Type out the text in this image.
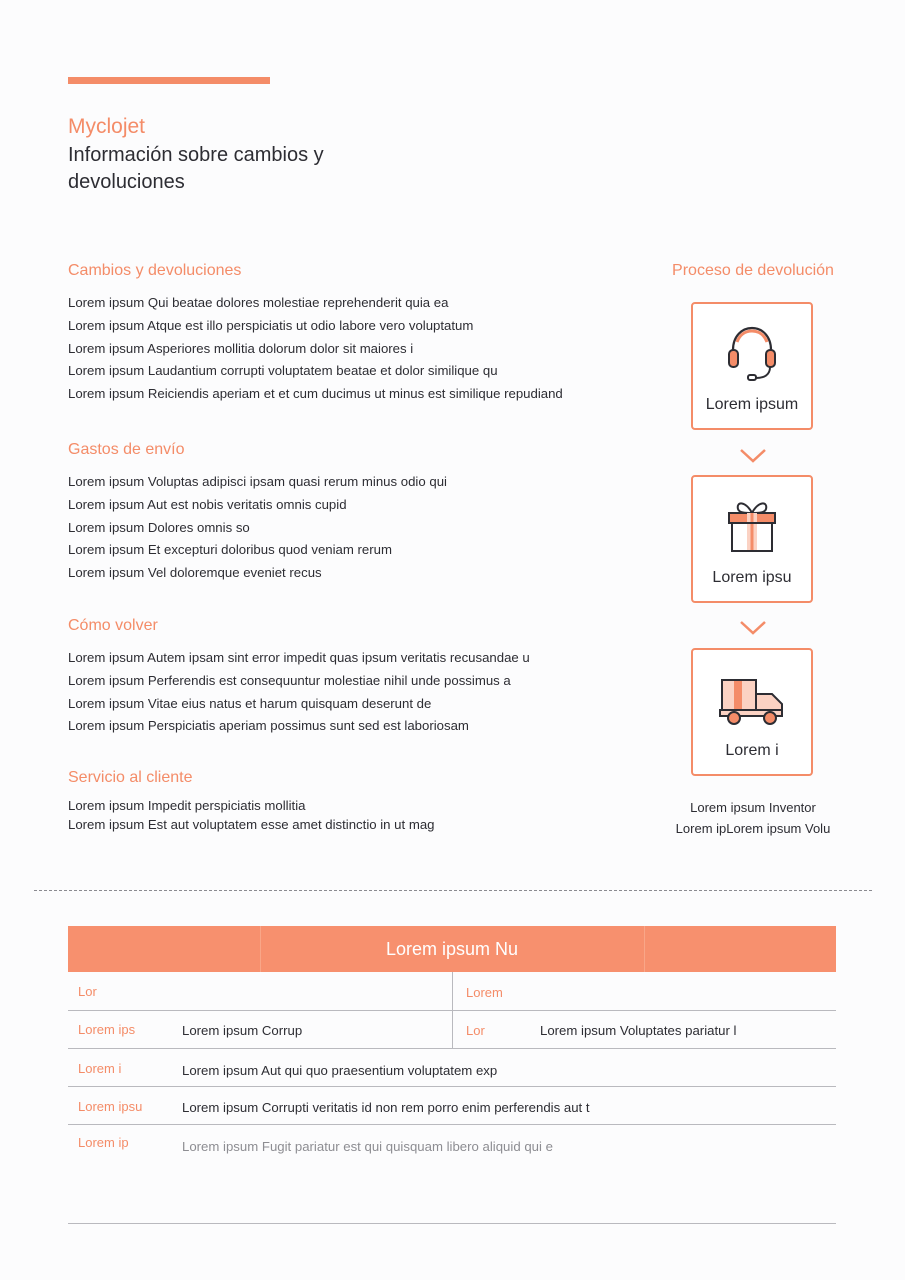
Myclojet
Información sobre cambios y devoluciones
Cambios y devoluciones
Lorem ipsum Qui beatae dolores molestiae reprehenderit quia ea
Lorem ipsum Atque est illo perspiciatis ut odio labore vero voluptatum
Lorem ipsum Asperiores mollitia dolorum dolor sit maiores i
Lorem ipsum Laudantium corrupti voluptatem beatae et dolor similique qu
Lorem ipsum Reiciendis aperiam et et cum ducimus ut minus est similique repudiand
Gastos de envío
Lorem ipsum Voluptas adipisci ipsam quasi rerum minus odio qui
Lorem ipsum Aut est nobis veritatis omnis cupid
Lorem ipsum Dolores omnis so
Lorem ipsum Et excepturi doloribus quod veniam rerum
Lorem ipsum Vel doloremque eveniet recus
Cómo volver
Lorem ipsum Autem ipsam sint error impedit quas ipsum veritatis recusandae u
Lorem ipsum Perferendis est consequuntur molestiae nihil unde possimus a
Lorem ipsum Vitae eius natus et harum quisquam deserunt de
Lorem ipsum Perspiciatis aperiam possimus sunt sed est laboriosam
Servicio al cliente
Lorem ipsum Impedit perspiciatis mollitia
Lorem ipsum Est aut voluptatem esse amet distinctio in ut mag
Proceso de devolución
Lorem ipsum
Lorem ipsu
Lorem i
Lorem ipsum Inventor
Lorem ipLorem ipsum Volu
Lorem ipsum Nu
Lor	Lorem
Lorem ips	Lorem ipsum Corrup	Lor	Lorem ipsum Voluptates pariatur l
Lorem i	Lorem ipsum Aut qui quo praesentium voluptatem exp
Lorem ipsu	Lorem ipsum Corrupti veritatis id non rem porro enim perferendis aut t
Lorem ip	Lorem ipsum Fugit pariatur est qui quisquam libero aliquid qui e
